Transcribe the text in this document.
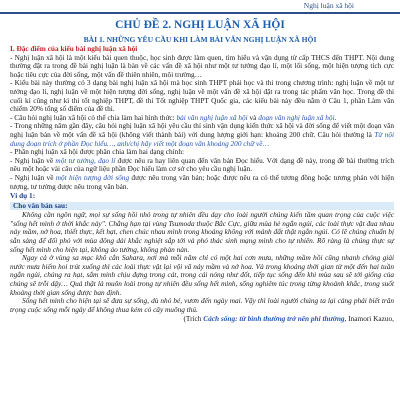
Nghị luận xã hội
CHỦ ĐỀ 2. NGHỊ LUẬN XÃ HỘI
BÀI 1. NHỮNG YÊU CẦU KHI LÀM BÀI VĂN NGHỊ LUẬN XÃ HỘI

I. Đặc điểm của kiểu bài nghị luận xã hội

- Nghị luận xã hội là một kiểu bài quen thuộc, học sinh được làm quen, tìm hiểu và vận dụng từ cấp THCS đến THPT. Nội dung thường đặt ra trong đề bài nghị luận là bàn về các vấn đề xã hội như một tư tưởng đạo lí, một lối sống, một hiện tượng tích cực hoặc tiêu cực của đời sống, một vấn đề thiên nhiên, môi trường…

- Kiểu bài này thường có 3 dạng bài nghị luận xã hội mà học sinh THPT phải học và thi trong chương trình: nghị luận về một tư tưởng đạo lí, nghị luận về một hiện tượng đời sống, nghị luận về một vấn đề xã hội đặt ra trong tác phẩm văn học. Trong đề thi cuối kì cũng như kì thi tốt nghiệp THPT, đề thi Tốt nghiệp THPT Quốc gia, các kiểu bài này đều nằm ở Câu 1, phần Làm văn chiếm 20% tổng số điểm của đề thi.

- Câu hỏi nghị luận xã hội có thể chia làm hai hình thức: bài văn nghị luận xã hội và đoạn văn nghị luận xã hội.

- Trong những năm gần đây, câu hỏi nghị luận xã hội yêu cầu thí sinh vận dụng kiến thức xã hội và đời sống để viết một đoạn văn nghị luận bàn về một vấn đề xã hội (không viết thành bài) với dung lượng giới hạn: khoảng 200 chữ. Câu hỏi thường là Từ nội dung đoạn trích ở phần Đọc hiểu…, anh/chị hãy viết một đoạn văn khoảng 200 chữ về…

- Phân nghị luận xã hội được phân chia làm hai dạng chính:

- Nghị luận về một tư tưởng, đạo lí được nêu ra hay liên quan đến văn bản Đọc hiểu. Với dạng đề này, trong đề bài thường trích nêu một hoặc vài câu của ngữ liệu phần Đọc hiểu làm cơ sở cho yêu cầu nghị luận.

- Nghị luận về một hiện tượng đời sống được nêu trong văn bản; hoặc được nêu ra có thể tương đồng hoặc tương phản với hiện tượng, tư tưởng được nêu trong văn bản.

Ví dụ 1:

Cho văn bản sau:

Không cần ngôn ngữ, mọi sự sống hồi nhỏ trong tự nhiên đều dạy cho loài người chúng kiến tầm quan trọng của cuộc việc "sống hết mình ở thời khắc này". Chẳng hạn tại vùng Tsumoda thuộc Bắc Cực, giữa mùa hè ngắn ngủi, các loài thực vật đua nhau nảy mầm, nở hoa, thiết thực, kết hạt, chen chúc nhau mình trong khoảng không với mảnh đất thật ngắn ngủi. Có lẽ chúng chuẩn bị sẵn sàng để đối phó với mùa đông dài khắc nghiệt sắp tới và phó thác sinh mạng mình cho tự nhiên. Rõ ràng là chúng thực sự sống hết mình cho hiện tại, không ảo tưởng, không phàn nàn.

Ngay cả ở vùng sa mạc khô cằn Sahara, nơi mà mỗi năm chỉ có một hai cơn mưa, những mầm hồi cũng nhanh chóng giải nước mưa hiếm hoi trút xuống thì các loài thực vật lại vội vã nảy mầm và nở hoa. Và trong khoảng thời gian từ một đến hai tuần ngắn ngủi, chúng ra hạt, sắm minh chịu đựng trong cát, trong cái nóng như đốt, tiếp tục sống đến khi mùa sau sẽ tới giống của chúng sẽ trỗi dậy… Quả thật là muôn loài trong tự nhiên đều sống hết mình, sống nghiêm túc trong từng khoảnh khắc, trong suốt khoảng thời gian sống được ban định.

Sống hết mình cho hiện tại sẽ đưa sự sống, dù nhỏ bé, vươn đến ngày mai. Vậy thì loài người chúng ta lại càng phải biết trân trọng cuộc sống mỗi ngày để không thua kém cỏ cây muông thú.

(Trích Cách sống: từ bình thường trở nên phi thường, Inamori Kazuo,
